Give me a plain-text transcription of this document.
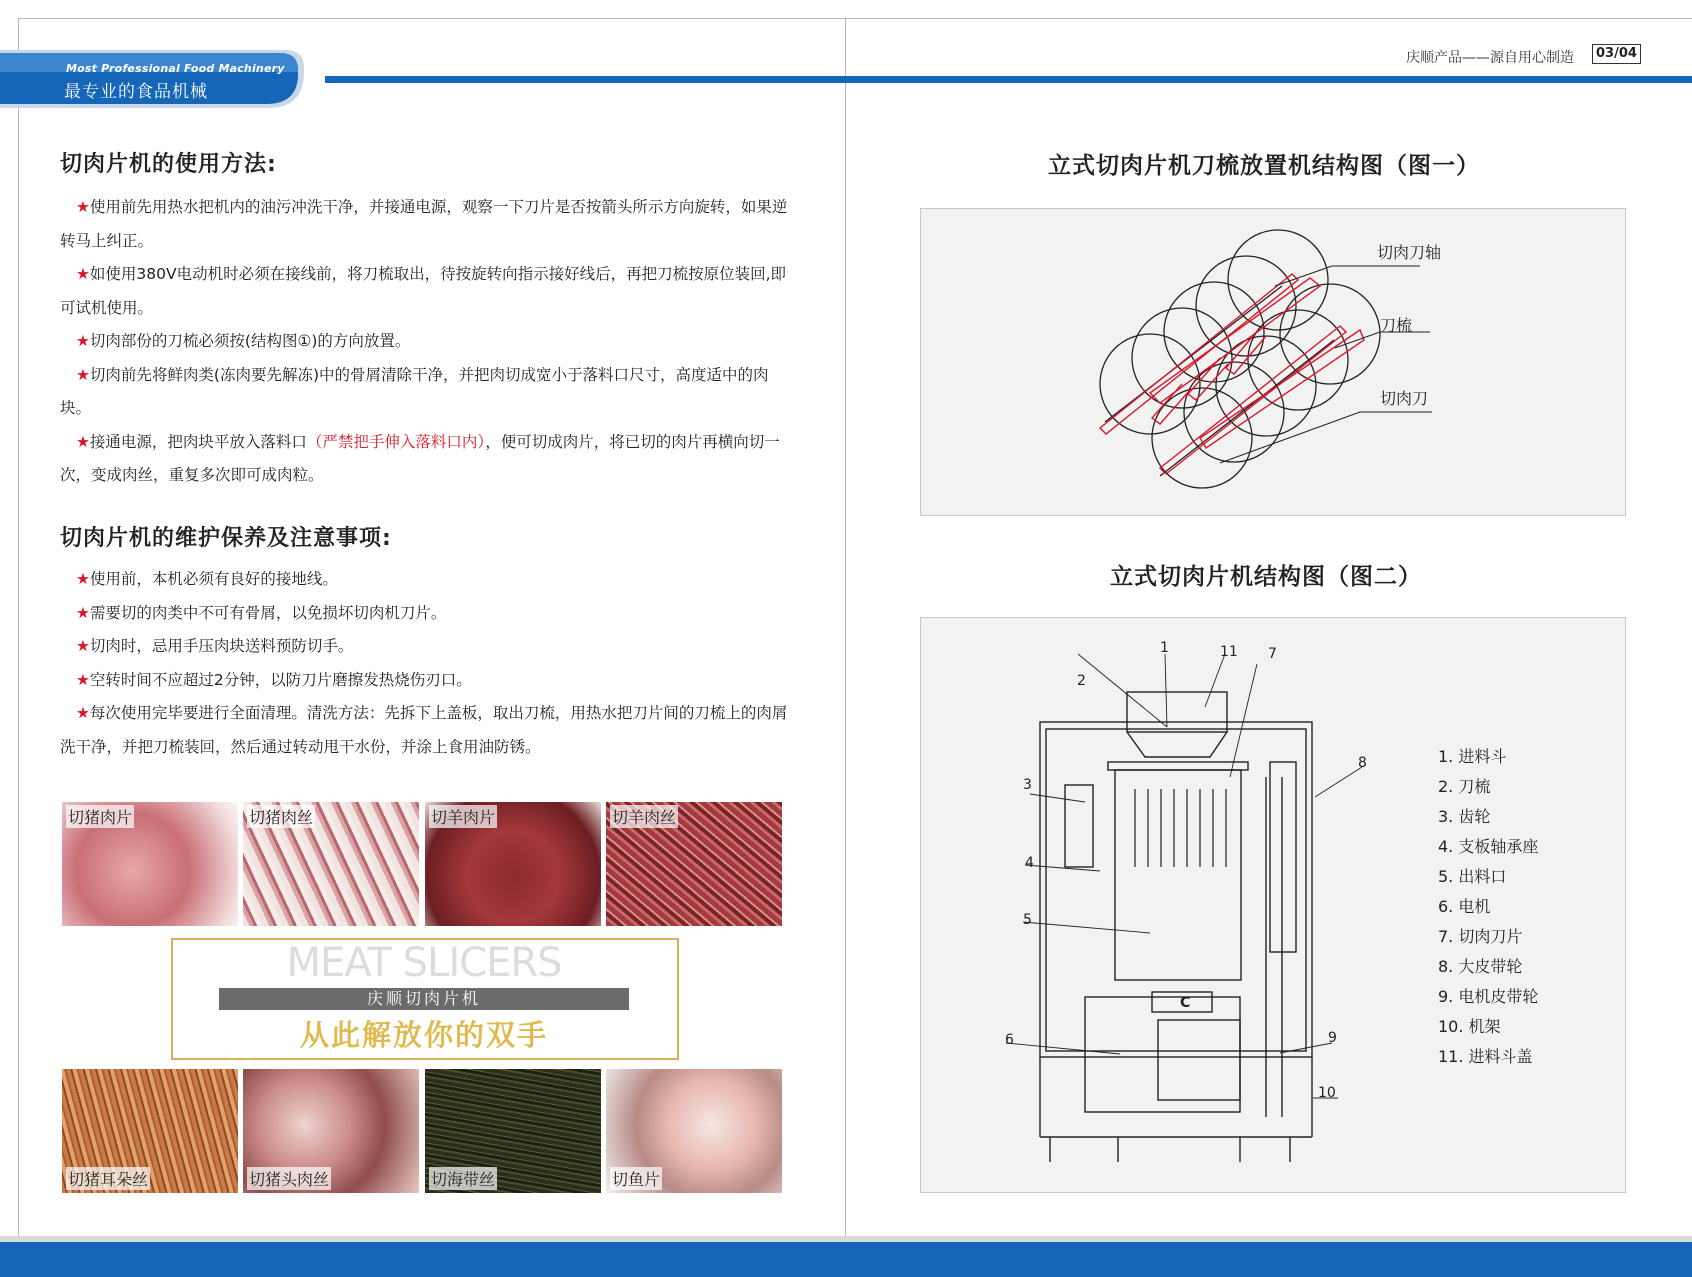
Most Professional Food Machinery
最专业的食品机械
庆顺产品——源自用心制造	03/04
切肉片机的使用方法:

★使用前先用热水把机内的油污冲洗干净，并接通电源，观察一下刀片是否按箭头所示方向旋转，如果逆转马上纠正。

★如使用380V电动机时必须在接线前，将刀梳取出，待按旋转向指示接好线后，再把刀梳按原位装回,即可试机使用。

★切肉部份的刀梳必须按(结构图①)的方向放置。

★切肉前先将鲜肉类(冻肉要先解冻)中的骨屑清除干净，并把肉切成宽小于落料口尺寸，高度适中的肉块。

★接通电源，把肉块平放入落料口（严禁把手伸入落料口内），便可切成肉片，将已切的肉片再横向切一次，变成肉丝，重复多次即可成肉粒。

切肉片机的维护保养及注意事项:

★使用前，本机必须有良好的接地线。

★需要切的肉类中不可有骨屑，以免损坏切肉机刀片。

★切肉时，忌用手压肉块送料预防切手。

★空转时间不应超过2分钟，以防刀片磨擦发热烧伤刃口。

★每次使用完毕要进行全面清理。清洗方法：先拆下上盖板，取出刀梳，用热水把刀片间的刀梳上的肉屑洗干净，并把刀梳装回，然后通过转动甩干水份，并涂上食用油防锈。

切猪肉片	切猪肉丝	切羊肉片	切羊肉丝
切猪耳朵丝	切猪头肉丝	切海带丝	切鱼片
MEAT SLICERS
庆顺切肉片机
从此解放你的双手
立式切肉片机刀梳放置机结构图（图一）
切肉刀轴
刀梳
切肉刀
立式切肉片机结构图（图二）
1	11 7
2
3
4
5
6
8
9
10
C
1. 进料斗
2. 刀梳
3. 齿轮
4. 支板轴承座
5. 出料口
6. 电机
7. 切肉刀片
8. 大皮带轮
9. 电机皮带轮
10. 机架
11. 进料斗盖
